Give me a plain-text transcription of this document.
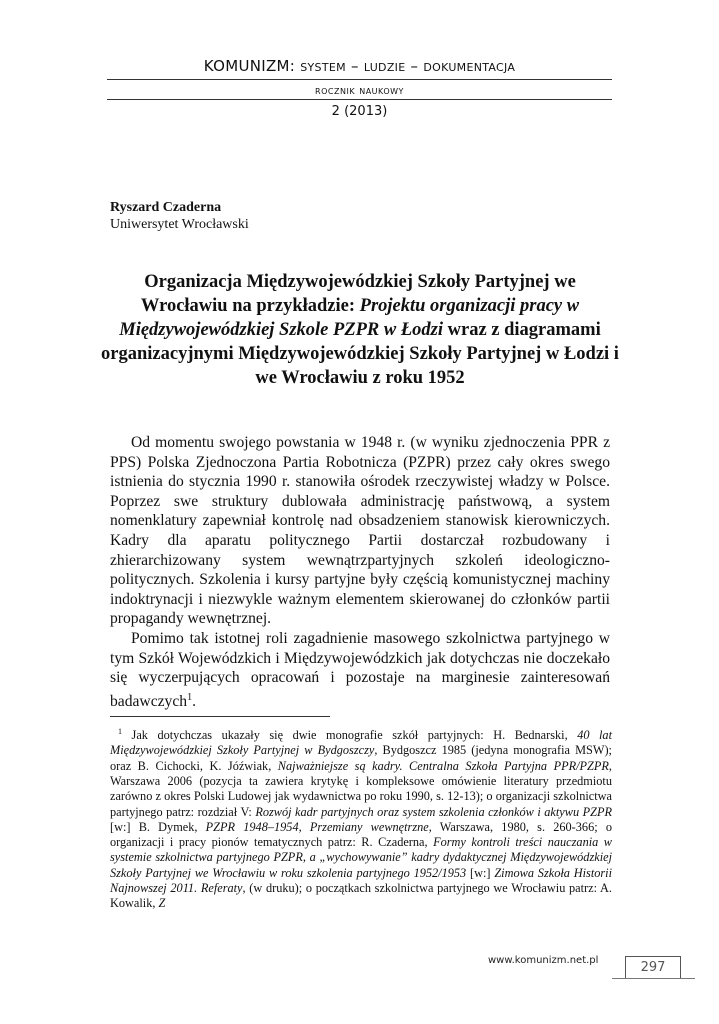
KOMUNIZM: system – ludzie – dokumentacja
rocznik naukowy
2 (2013)
Ryszard Czaderna
Uniwersytet Wrocławski
Organizacja Międzywojewódzkiej Szkoły Partyjnej we Wrocławiu na przykładzie: Projektu organizacji pracy w Międzywojewódzkiej Szkole PZPR w Łodzi wraz z diagramami organizacyjnymi Międzywojewódzkiej Szkoły Partyjnej w Łodzi i we Wrocławiu z roku 1952

Od momentu swojego powstania w 1948 r. (w wyniku zjednoczenia PPR z PPS) Polska Zjednoczona Partia Robotnicza (PZPR) przez cały okres swego istnienia do stycznia 1990 r. stanowiła ośrodek rzeczywistej władzy w Polsce. Poprzez swe struktury dublowała administrację państwową, a system nomenklatury zapewniał kontrolę nad obsadzeniem stanowisk kierowniczych. Kadry dla aparatu politycznego Partii dostarczał rozbudowany i zhierarchizowany system wewnątrzpartyjnych szkoleń ideologiczno-politycznych. Szkolenia i kursy partyjne były częścią komunistycznej machiny indoktrynacji i niezwykle ważnym elementem skierowanej do członków partii propagandy wewnętrznej.

Pomimo tak istotnej roli zagadnienie masowego szkolnictwa partyjnego w tym Szkół Wojewódzkich i Międzywojewódzkich jak dotychczas nie doczekało się wyczerpujących opracowań i pozostaje na marginesie zainteresowań badawczych$^1$.

$^1$ Jak dotychczas ukazały się dwie monografie szkół partyjnych: H. Bednarski, 40 lat Międzywojewódzkiej Szkoły Partyjnej w Bydgoszczy, Bydgoszcz 1985 (jedyna monografia MSW); oraz B. Cichocki, K. Jóźwiak, Najważniejsze są kadry. Centralna Szkoła Partyjna PPR/PZPR, Warszawa 2006 (pozycja ta zawiera krytykę i kompleksowe omówienie literatury przedmiotu zarówno z okres Polski Ludowej jak wydawnictwa po roku 1990, s. 12-13); o organizacji szkolnictwa partyjnego patrz: rozdział V: Rozwój kadr partyjnych oraz system szkolenia członków i aktywu PZPR [w:] B. Dymek, PZPR 1948–1954, Przemiany wewnętrzne, Warszawa, 1980, s. 260-366; o organizacji i pracy pionów tematycznych patrz: R. Czaderna, Formy kontroli treści nauczania w systemie szkolnictwa partyjnego PZPR, a „wychowywanie” kadry dydaktycznej Międzywojewódzkiej Szkoły Partyjnej we Wrocławiu w roku szkolenia partyjnego 1952/1953 [w:] Zimowa Szkoła Historii Najnowszej 2011. Referaty, (w druku); o początkach szkolnictwa partyjnego we Wrocławiu patrz: A. Kowalik, Z

www.komunizm.net.pl	297
